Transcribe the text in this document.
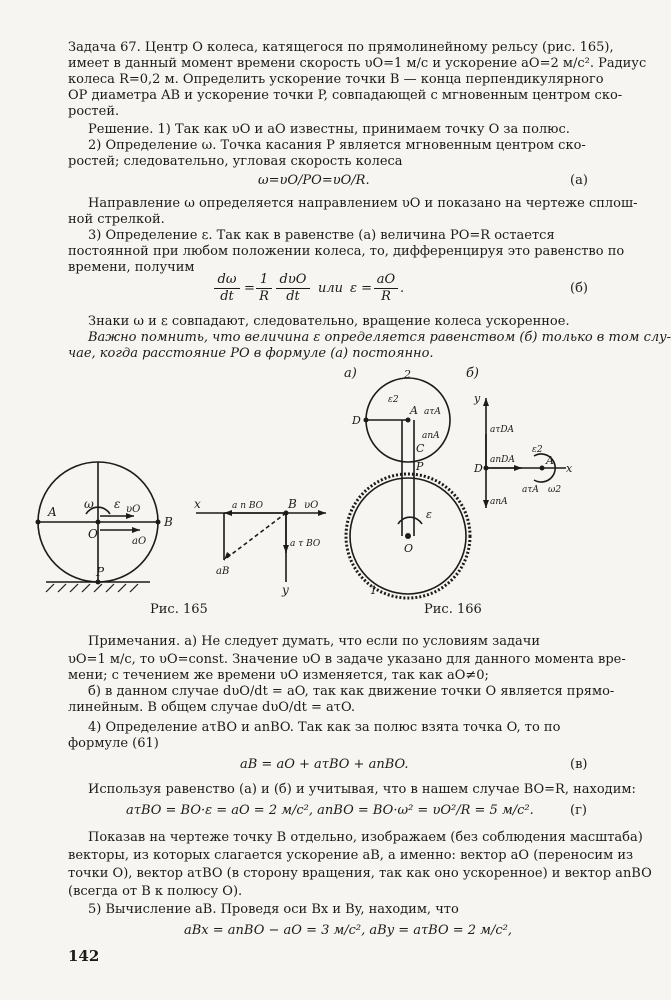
Задача 67. Центр O колеса, катящегося по прямолинейному рельсу (рис. 165),
имеет в данный момент времени скорость υO=1 м/с и ускорение aO=2 м/с². Радиус
колеса R=0,2 м. Определить ускорение точки B — конца перпендикулярного
OP диаметра AB и ускорение точки P, совпадающей с мгновенным центром ско-
ростей.
Решение. 1) Так как υO и aO известны, принимаем точку O за полюс.
2) Определение ω. Точка касания P является мгновенным центром ско-
ростей; следовательно, угловая скорость колеса
ω=υO/PO=υO/R.	(а)
Направление ω определяется направлением υO и показано на чертеже сплош-
ной стрелкой.
3) Определение ε. Так как в равенстве (а) величина PO=R остается
постоянной при любом положении колеса, то, дифференцируя это равенство по
времени, получим
$\frac{d\omega}{dt} = \frac{1}{R}$ dυO
dt
или $\varepsilon = \frac{aO}{R}$ .	(б)
Знаки ω и ε совпадают, следовательно, вращение колеса ускоренное.
Важно помнить, что величина ε определяется равенством (б) только в том слу-
чае, когда расстояние PO в формуле (а) постоянно.
A
O
B
P
ω ε υO
aO
x	B υO
a n BO
a τ BO
aB
y
Рис. 165
2
D
A
ε2
aτA
anA
C
P
ε
O
1
y
aτDA
anDA
D
ε2
A
x
aτA ω2
anA
а)	б)
Рис. 166
Примечания. а) Не следует думать, что если по условиям задачи
υO=1 м/с, то υO=const. Значение υO в задаче указано для данного момента вре-
мени; с течением же времени υO изменяется, так как aO≠0;
б) в данном случае dυO/dt = aO, так как движение точки O является прямо-
линейным. В общем случае dυO/dt = aτO.
4) Определение aτBO и anBO. Так как за полюс взята точка O, то по
формуле (61)
aB = aO + aτBO + anBO.	(в)
Используя равенство (а) и (б) и учитывая, что в нашем случае BO=R, находим:
aτBO = BO·ε = aO = 2 м/с², anBO = BO·ω² = υO²/R = 5 м/с².	(г)
Показав на чертеже точку B отдельно, изображаем (без соблюдения масштаба)
векторы, из которых слагается ускорение aB, а именно: вектор aO (переносим из
точки O), вектор aτBO (в сторону вращения, так как оно ускоренное) и вектор anBO
(всегда от B к полюсу O).
5) Вычисление aB. Проведя оси Bx и By, находим, что
aBx = anBO − aO = 3 м/с², aBy = aτBO = 2 м/с²,
142
